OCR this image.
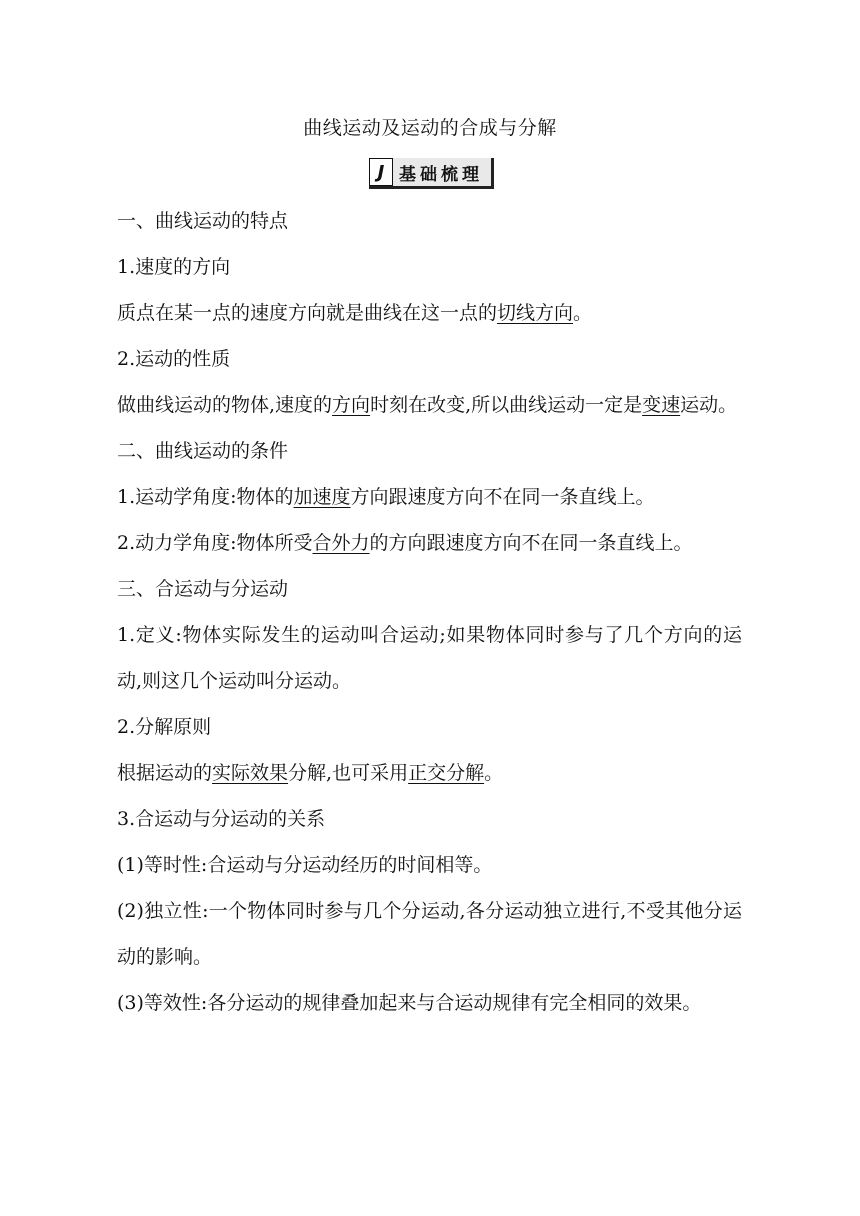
曲线运动及运动的合成与分解
J 基础梳理

一、曲线运动的特点

1.速度的方向

质点在某一点的速度方向就是曲线在这一点的切线方向。

2.运动的性质

做曲线运动的物体,速度的方向时刻在改变,所以曲线运动一定是变速运动。

二、曲线运动的条件

1.运动学角度:物体的加速度方向跟速度方向不在同一条直线上。

2.动力学角度:物体所受合外力的方向跟速度方向不在同一条直线上。

三、合运动与分运动

1.定义:物体实际发生的运动叫合运动;如果物体同时参与了几个方向的运动,则这几个运动叫分运动。

2.分解原则

根据运动的实际效果分解,也可采用正交分解。

3.合运动与分运动的关系

(1)等时性:合运动与分运动经历的时间相等。

(2)独立性:一个物体同时参与几个分运动,各分运动独立进行,不受其他分运动的影响。

(3)等效性:各分运动的规律叠加起来与合运动规律有完全相同的效果。
